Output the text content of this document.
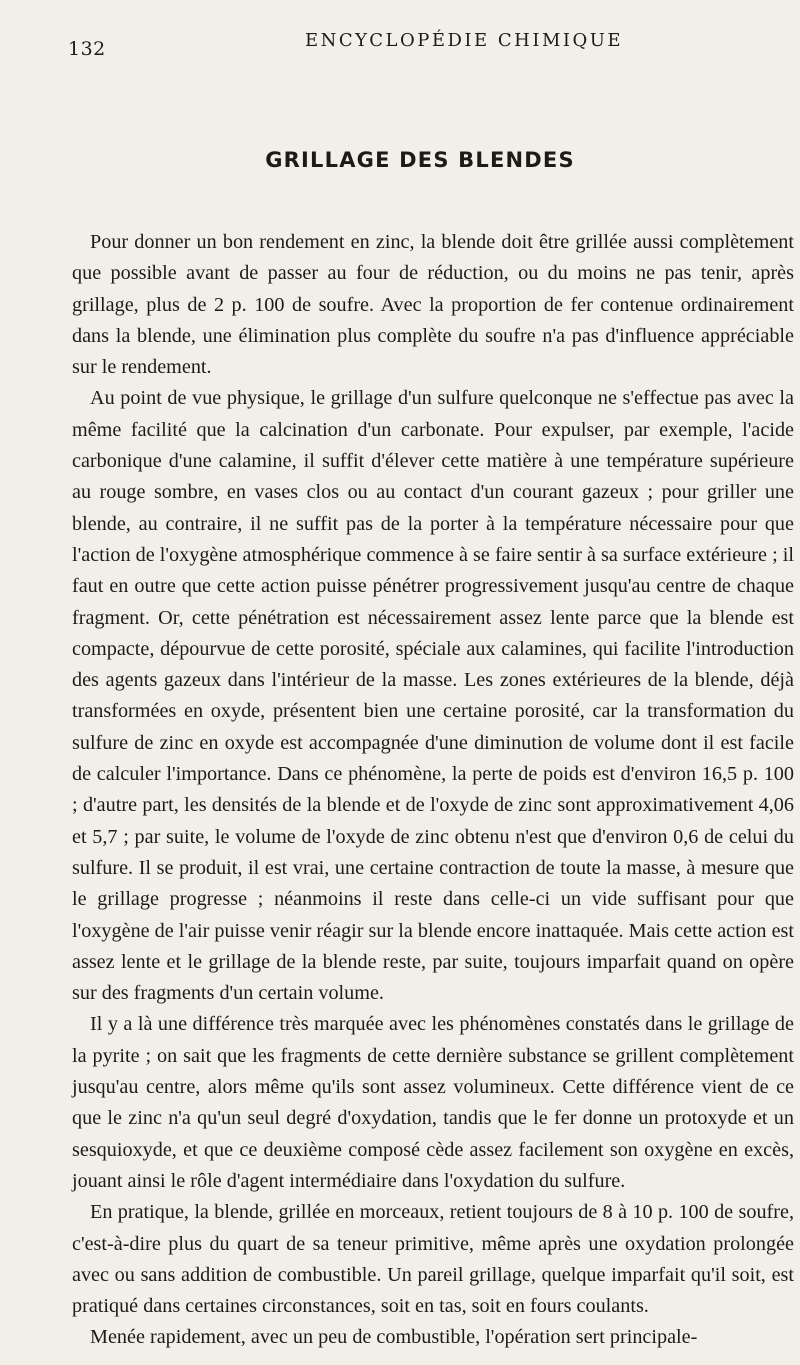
132	ENCYCLOPÉDIE CHIMIQUE
GRILLAGE DES BLENDES

Pour donner un bon rendement en zinc, la blende doit être grillée aussi complètement que possible avant de passer au four de réduction, ou du moins ne pas tenir, après grillage, plus de 2 p. 100 de soufre. Avec la proportion de fer contenue ordinairement dans la blende, une élimination plus complète du soufre n'a pas d'influence appréciable sur le rendement.

Au point de vue physique, le grillage d'un sulfure quelconque ne s'effectue pas avec la même facilité que la calcination d'un carbonate. Pour expulser, par exemple, l'acide carbonique d'une calamine, il suffit d'élever cette matière à une température supérieure au rouge sombre, en vases clos ou au contact d'un courant gazeux ; pour griller une blende, au contraire, il ne suffit pas de la porter à la température nécessaire pour que l'action de l'oxygène atmosphérique commence à se faire sentir à sa surface extérieure ; il faut en outre que cette action puisse pénétrer progressivement jusqu'au centre de chaque fragment. Or, cette pénétration est nécessairement assez lente parce que la blende est compacte, dépourvue de cette porosité, spéciale aux calamines, qui facilite l'introduction des agents gazeux dans l'intérieur de la masse. Les zones extérieures de la blende, déjà transformées en oxyde, présentent bien une certaine porosité, car la transformation du sulfure de zinc en oxyde est accompagnée d'une diminution de volume dont il est facile de calculer l'importance. Dans ce phénomène, la perte de poids est d'environ 16,5 p. 100 ; d'autre part, les densités de la blende et de l'oxyde de zinc sont approximativement 4,06 et 5,7 ; par suite, le volume de l'oxyde de zinc obtenu n'est que d'environ 0,6 de celui du sulfure. Il se produit, il est vrai, une certaine contraction de toute la masse, à mesure que le grillage progresse ; néanmoins il reste dans celle-ci un vide suffisant pour que l'oxygène de l'air puisse venir réagir sur la blende encore inattaquée. Mais cette action est assez lente et le grillage de la blende reste, par suite, toujours imparfait quand on opère sur des fragments d'un certain volume.

Il y a là une différence très marquée avec les phénomènes constatés dans le grillage de la pyrite ; on sait que les fragments de cette dernière substance se grillent complètement jusqu'au centre, alors même qu'ils sont assez volumineux. Cette différence vient de ce que le zinc n'a qu'un seul degré d'oxydation, tandis que le fer donne un protoxyde et un sesquioxyde, et que ce deuxième composé cède assez facilement son oxygène en excès, jouant ainsi le rôle d'agent intermédiaire dans l'oxydation du sulfure.

En pratique, la blende, grillée en morceaux, retient toujours de 8 à 10 p. 100 de soufre, c'est-à-dire plus du quart de sa teneur primitive, même après une oxydation prolongée avec ou sans addition de combustible. Un pareil grillage, quelque imparfait qu'il soit, est pratiqué dans certaines circonstances, soit en tas, soit en fours coulants.

Menée rapidement, avec un peu de combustible, l'opération sert principale-
